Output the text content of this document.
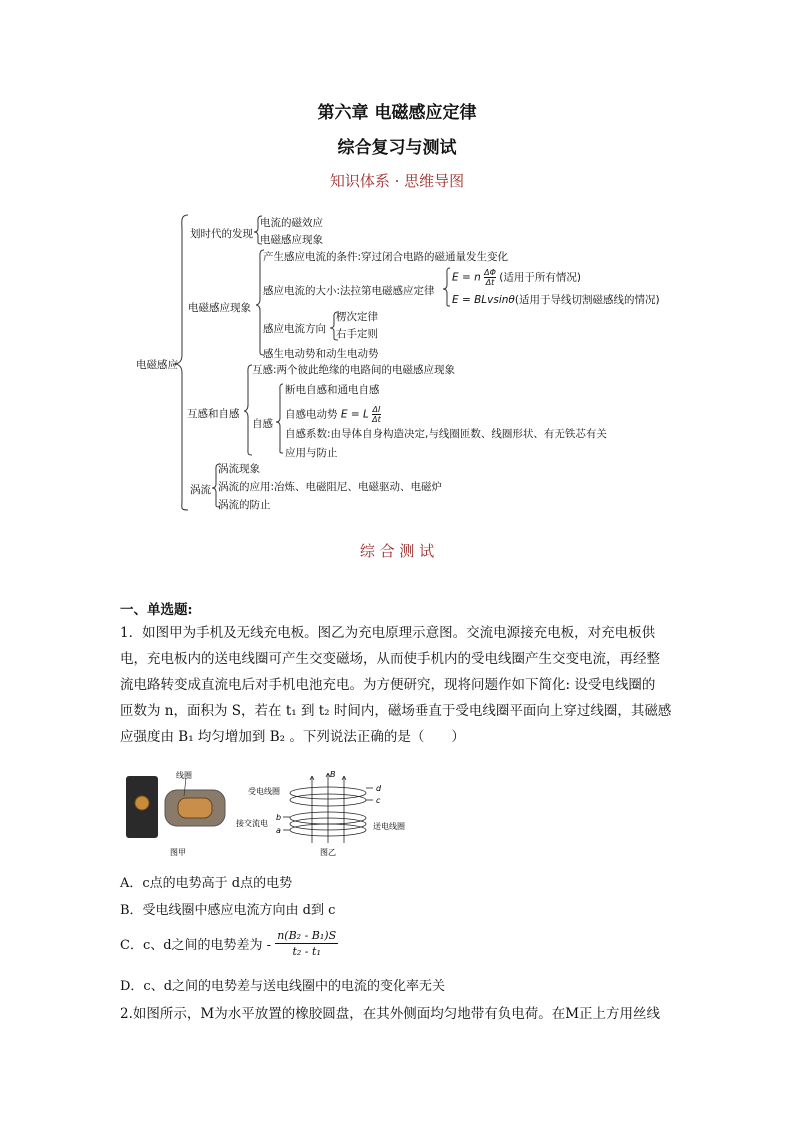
第六章 电磁感应定律
综合复习与测试
知识体系 · 思维导图
电磁感应
划时代的发现
电流的磁效应
电磁感应现象
电磁感应现象
产生感应电流的条件:穿过闭合电路的磁通量发生变化
感应电流的大小:法拉第电磁感应定律
E = n $\frac{\Delta\Phi}{\Delta t}$ (适用于所有情况)
E = BLvsinθ(适用于导线切割磁感线的情况)
感应电流方向
楞次定律
右手定则
感生电动势和动生电动势
互感和自感
互感:两个彼此绝缘的电路间的电磁感应现象
自感
断电自感和通电自感
自感电动势 E = L $\frac{\Delta I}{\Delta t}$
自感系数:由导体自身构造决定,与线圈匝数、线圈形状、有无铁芯有关
应用与防止
涡流
涡流现象
涡流的应用:冶炼、电磁阻尼、电磁驱动、电磁炉
涡流的防止
综 合 测 试
一、单选题:
1．如图甲为手机及无线充电板。图乙为充电原理示意图。交流电源接充电板，对充电板供
电，充电板内的送电线圈可产生交变磁场，从而使手机内的受电线圈产生交变电流，再经整
流电路转变成直流电后对手机电池充电。为方便研究，现将问题作如下简化: 设受电线圈的
匝数为 n，面积为 S，若在 t₁ 到 t₂ 时间内，磁场垂直于受电线圈平面向上穿过线圈，其磁感
应强度由 B₁ 均匀增加到 B₂ 。下列说法正确的是（　　）
线圈
图甲
B
d
c
b
a
受电线圈
接交流电	送电线圈
图乙
A．c点的电势高于 d点的电势
B．受电线圈中感应电流方向由 d到 c
C．c、d之间的电势差为 - $\frac{\text{n(B₂ - B₁)S}}{\text{t₂ - t₁}}$
D．c、d之间的电势差与送电线圈中的电流的变化率无关
2.如图所示，M为水平放置的橡胶圆盘，在其外侧面均匀地带有负电荷。在M正上方用丝线
